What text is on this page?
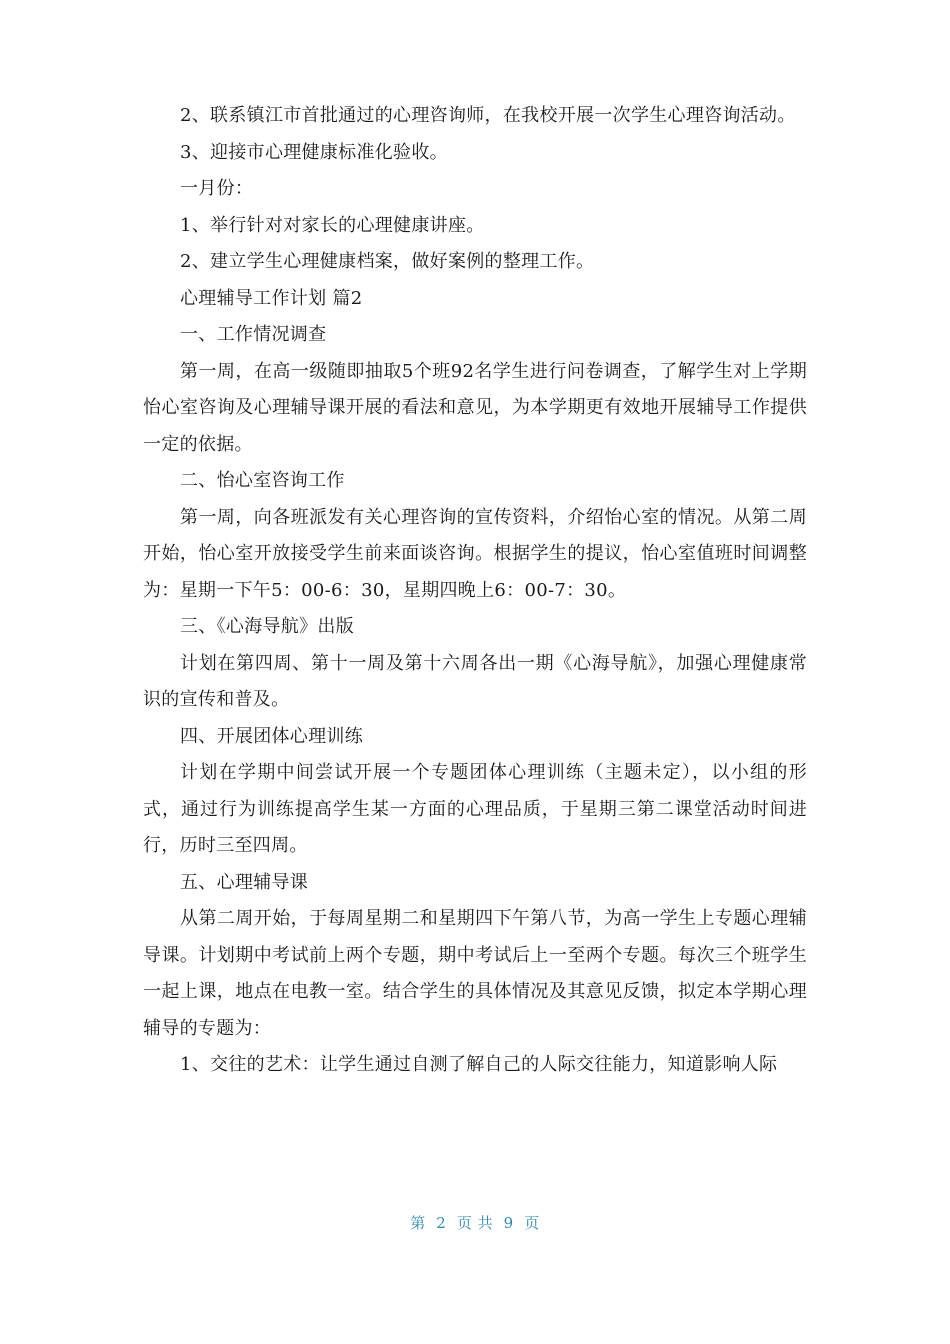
2、联系镇江市首批通过的心理咨询师，在我校开展一次学生心理咨询活动。

3、迎接市心理健康标准化验收。

一月份：

1、举行针对对家长的心理健康讲座。

2、建立学生心理健康档案，做好案例的整理工作。

心理辅导工作计划 篇2

一、工作情况调查

第一周，在高一级随即抽取5个班92名学生进行问卷调查，了解学生对上学期怡心室咨询及心理辅导课开展的看法和意见，为本学期更有效地开展辅导工作提供一定的依据。

二、怡心室咨询工作

第一周，向各班派发有关心理咨询的宣传资料，介绍怡心室的情况。从第二周开始，怡心室开放接受学生前来面谈咨询。根据学生的提议，怡心室值班时间调整为：星期一下午5：00-6：30，星期四晚上6：00-7：30。

三、《心海导航》出版

计划在第四周、第十一周及第十六周各出一期《心海导航》，加强心理健康常识的宣传和普及。

四、开展团体心理训练

计划在学期中间尝试开展一个专题团体心理训练（主题未定），以小组的形式，通过行为训练提高学生某一方面的心理品质，于星期三第二课堂活动时间进行，历时三至四周。

五、心理辅导课

从第二周开始，于每周星期二和星期四下午第八节，为高一学生上专题心理辅导课。计划期中考试前上两个专题，期中考试后上一至两个专题。每次三个班学生一起上课，地点在电教一室。结合学生的具体情况及其意见反馈，拟定本学期心理辅导的专题为：

1、交往的艺术：让学生通过自测了解自己的人际交往能力，知道影响人际

第  2  页 共  9  页
